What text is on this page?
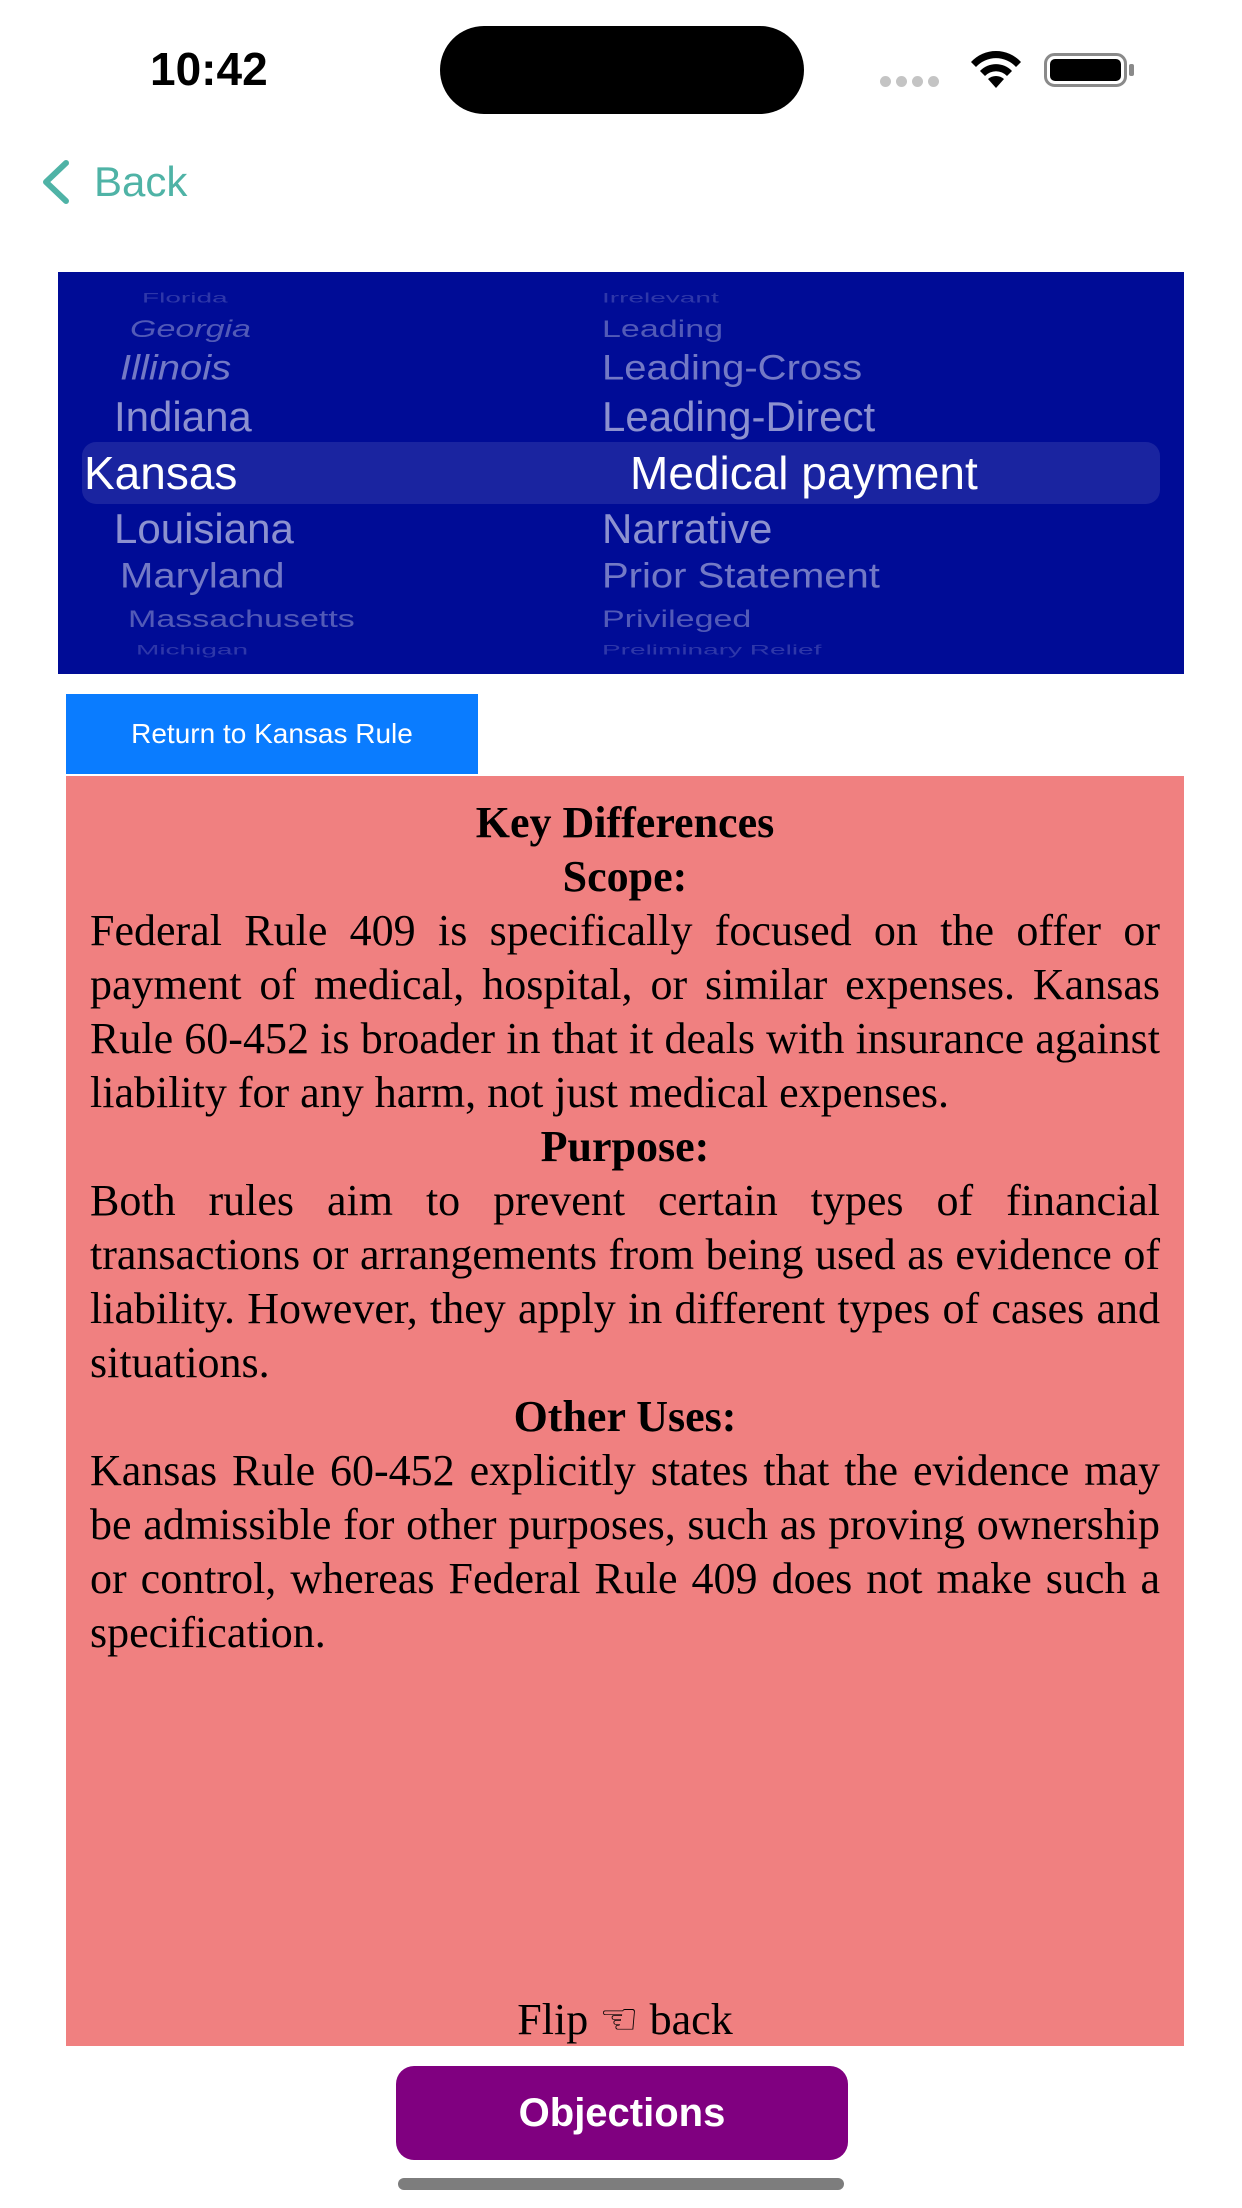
10:42
Back
Florida
Georgia
Illinois
Indiana
Kansas
Louisiana
Maryland
Massachusetts
Michigan
Irrelevant
Leading
Leading-Cross
Leading-Direct
Medical payment
Narrative
Prior Statement
Privileged
Preliminary Relief
Return to Kansas Rule
Key Differences
Scope:

Federal Rule 409 is specifically focused on the offer or payment of medical, hospital, or similar expenses. Kansas Rule 60-452 is broader in that it deals with insurance against liability for any harm, not just medical expenses.

Purpose:

Both rules aim to prevent certain types of financial transactions or arrangements from being used as evidence of liability. However, they apply in different types of cases and situations.

Other Uses:

Kansas Rule 60-452 explicitly states that the evidence may be admissible for other purposes, such as proving ownership or control, whereas Federal Rule 409 does not make such a specification.

Flip ☜ back
Objections
